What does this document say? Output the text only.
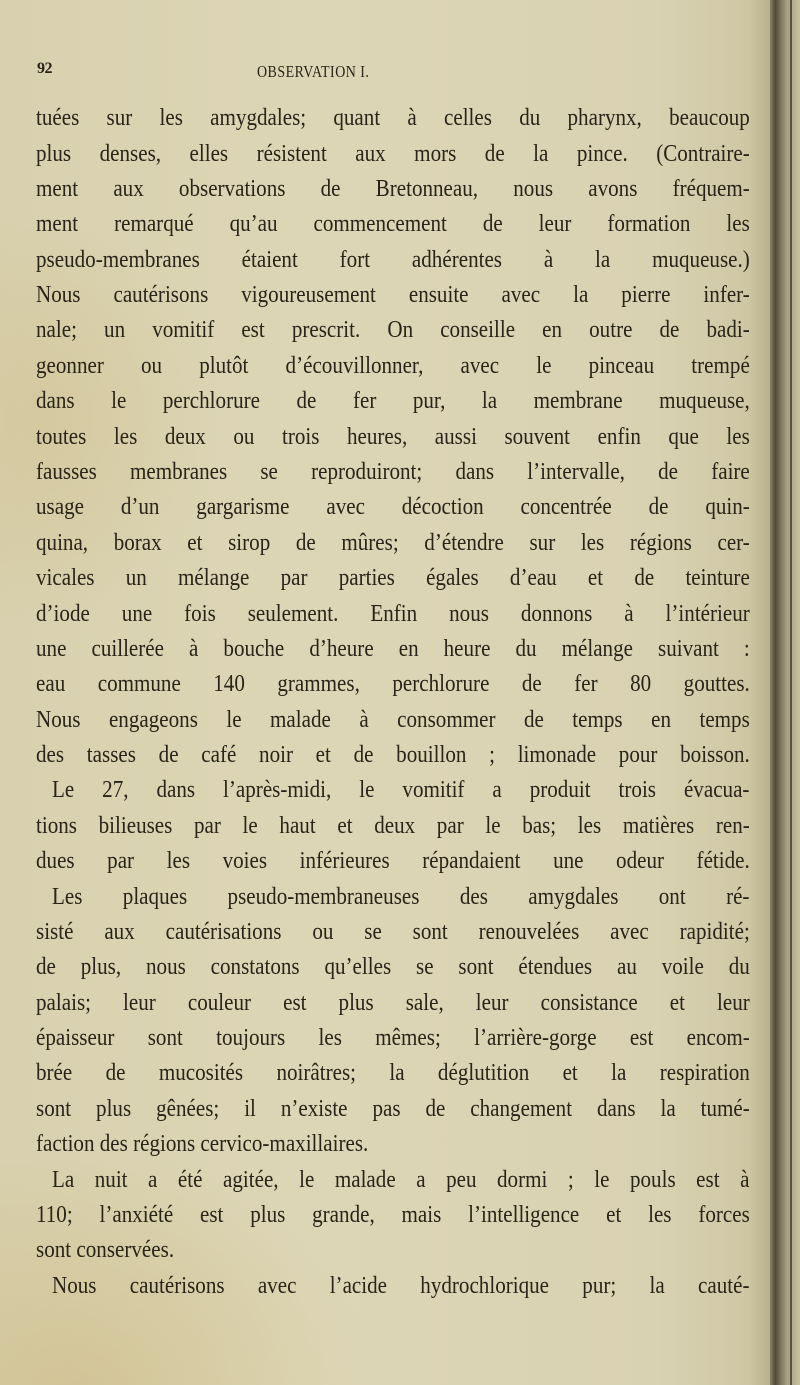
92	OBSERVATION I.
tuées sur les amygdales; quant à celles du pharynx, beaucoup
plus denses, elles résistent aux mors de la pince. (Contraire-
ment aux observations de Bretonneau, nous avons fréquem-
ment remarqué qu’au commencement de leur formation les
pseudo-membranes étaient fort adhérentes à la muqueuse.)
Nous cautérisons vigoureusement ensuite avec la pierre infer-
nale; un vomitif est prescrit. On conseille en outre de badi-
geonner ou plutôt d’écouvillonner, avec le pinceau trempé
dans le perchlorure de fer pur, la membrane muqueuse,
toutes les deux ou trois heures, aussi souvent enfin que les
fausses membranes se reproduiront; dans l’intervalle, de faire
usage d’un gargarisme avec décoction concentrée de quin-
quina, borax et sirop de mûres; d’étendre sur les régions cer-
vicales un mélange par parties égales d’eau et de teinture
d’iode une fois seulement. Enfin nous donnons à l’intérieur
une cuillerée à bouche d’heure en heure du mélange suivant :
eau commune 140 grammes, perchlorure de fer 80 gouttes.
Nous engageons le malade à consommer de temps en temps
des tasses de café noir et de bouillon ; limonade pour boisson.
Le 27, dans l’après-midi, le vomitif a produit trois évacua-
tions bilieuses par le haut et deux par le bas; les matières ren-
dues par les voies inférieures répandaient une odeur fétide.
Les plaques pseudo-membraneuses des amygdales ont ré-
sisté aux cautérisations ou se sont renouvelées avec rapidité;
de plus, nous constatons qu’elles se sont étendues au voile du
palais; leur couleur est plus sale, leur consistance et leur
épaisseur sont toujours les mêmes; l’arrière-gorge est encom-
brée de mucosités noirâtres; la déglutition et la respiration
sont plus gênées; il n’existe pas de changement dans la tumé-
faction des régions cervico-maxillaires.
La nuit a été agitée, le malade a peu dormi ; le pouls est à
110; l’anxiété est plus grande, mais l’intelligence et les forces
sont conservées.
Nous cautérisons avec l’acide hydrochlorique pur; la cauté-
